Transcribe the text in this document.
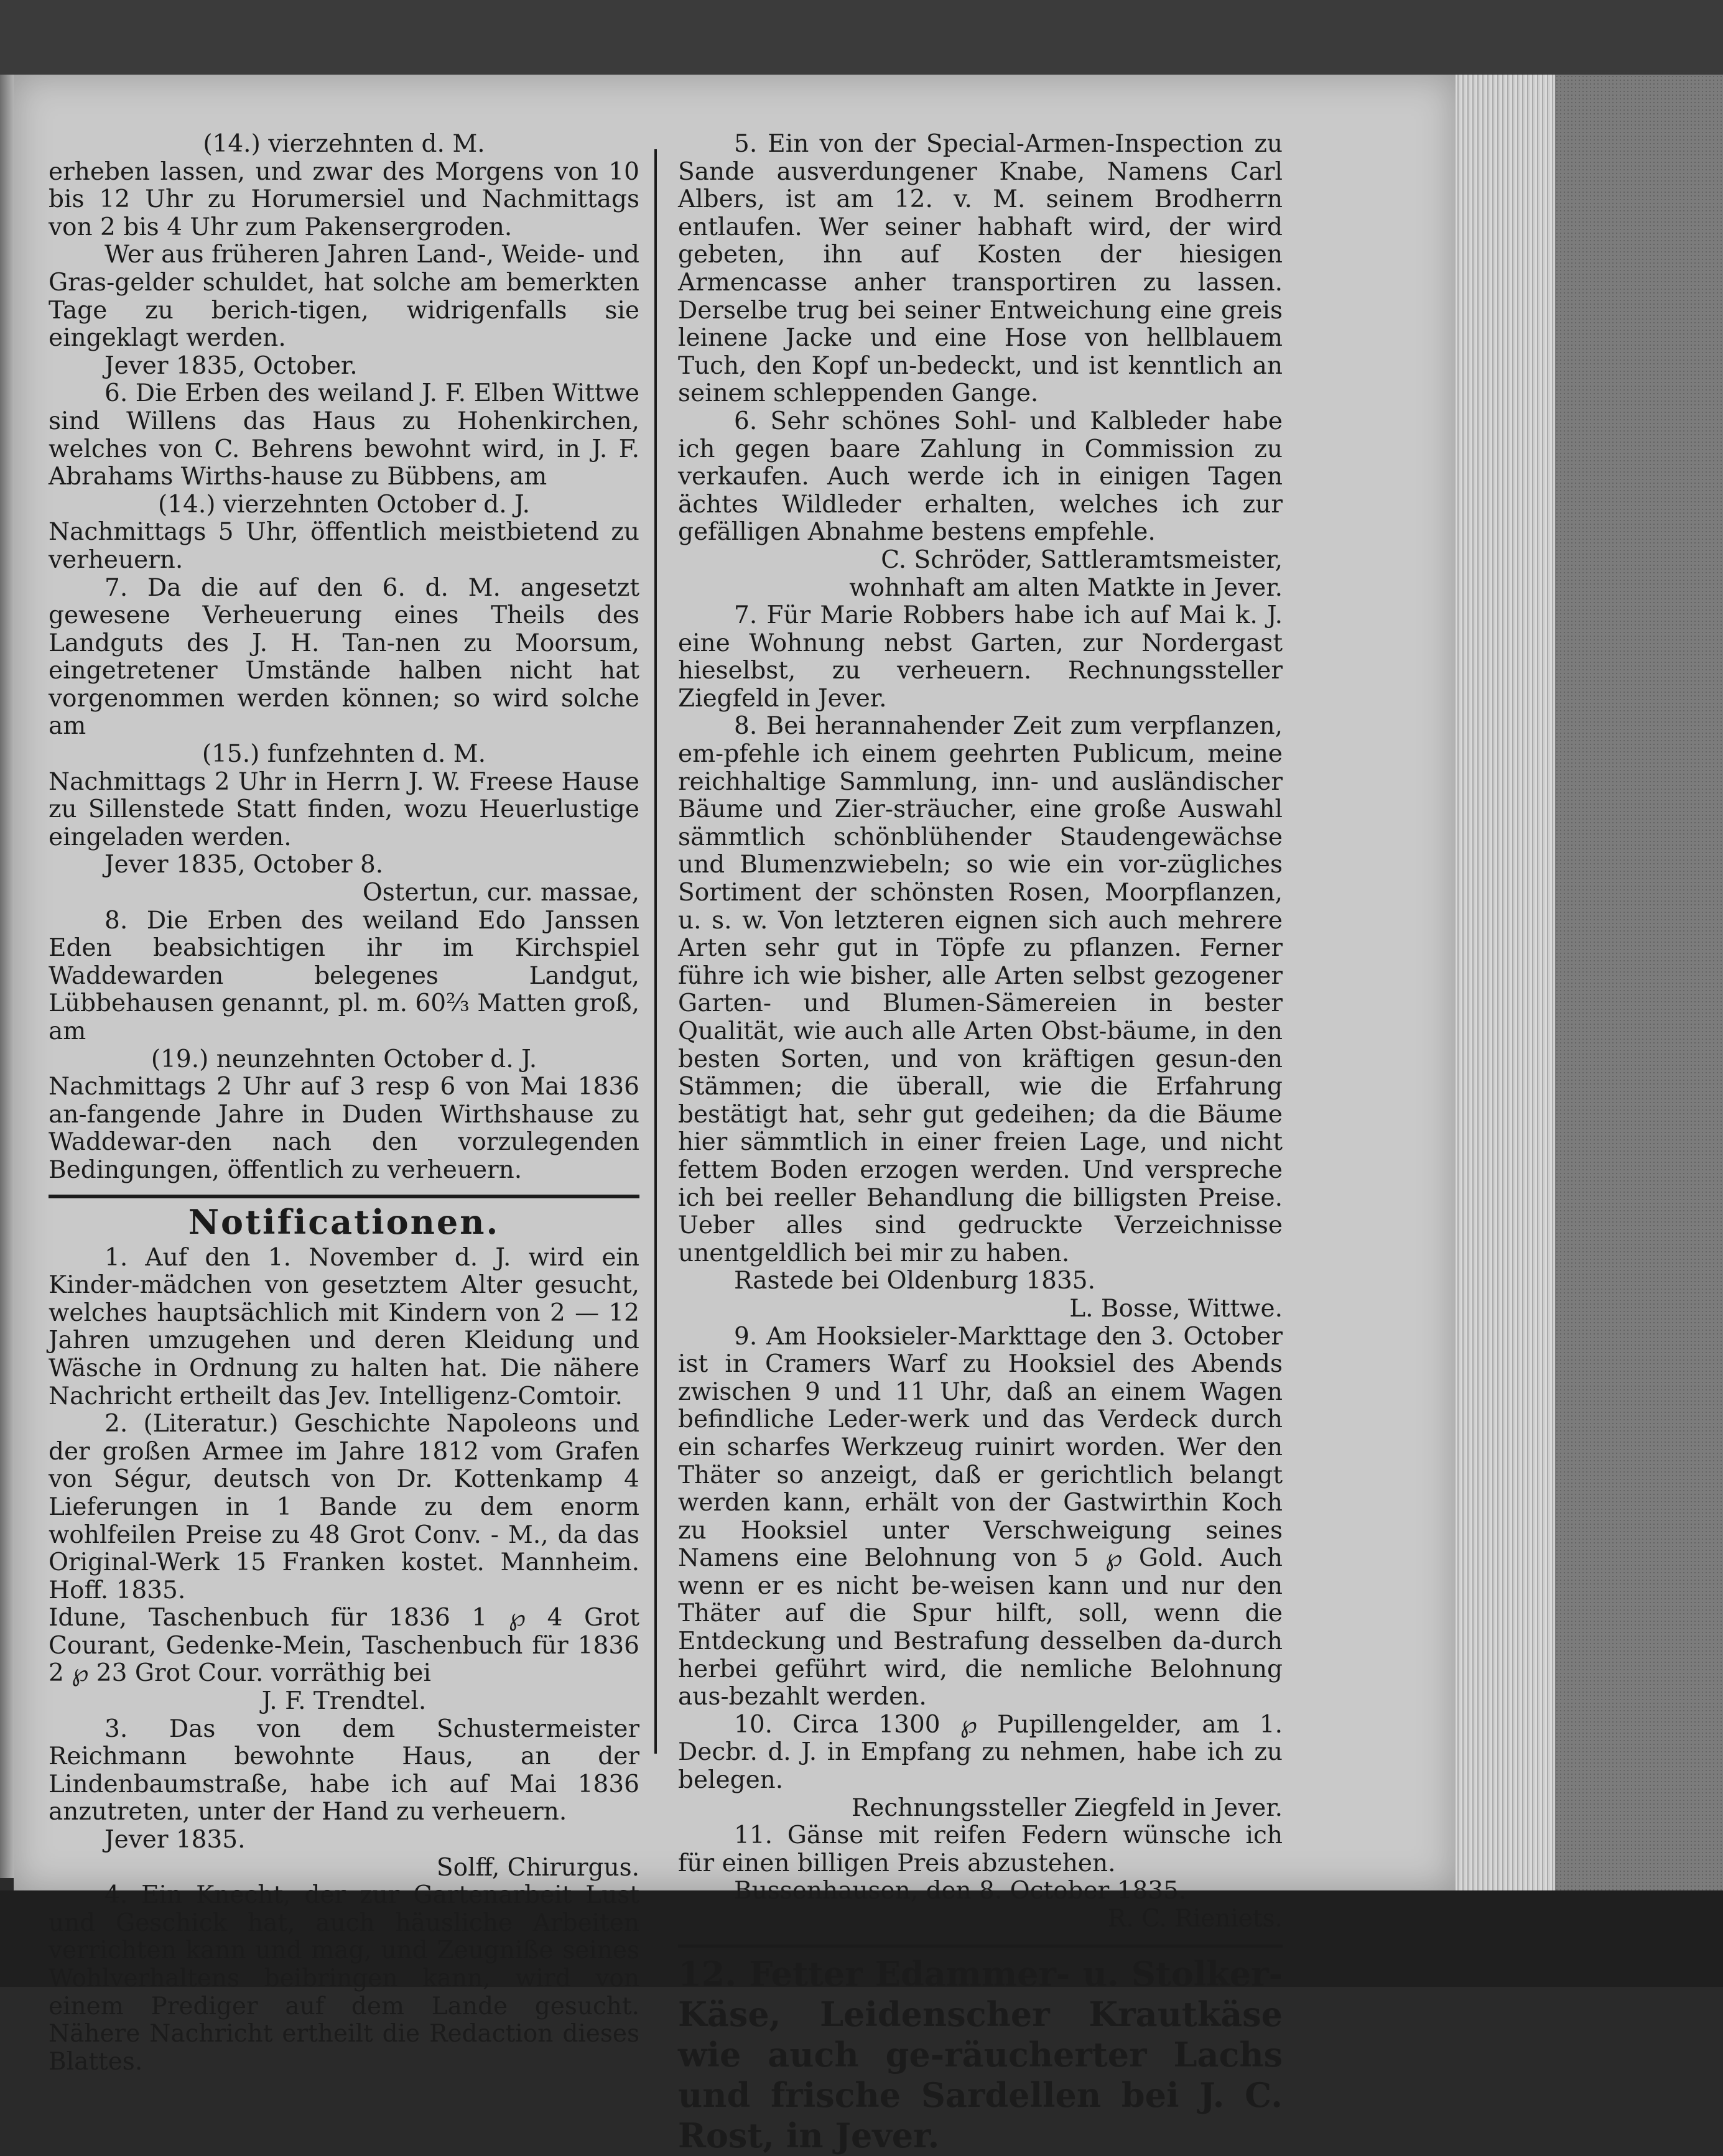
(14.) vierzehnten d. M.

erheben lassen, und zwar des Morgens von 10 bis 12 Uhr zu Horumersiel und Nachmittags von 2 bis 4 Uhr zum Pakensergroden.

Wer aus früheren Jahren Land-, Weide- und Gras-gelder schuldet, hat solche am bemerkten Tage zu berich-tigen, widrigenfalls sie eingeklagt werden.

Jever 1835, October.

6. Die Erben des weiland J. F. Elben Wittwe sind Willens das Haus zu Hohenkirchen, welches von C. Behrens bewohnt wird, in J. F. Abrahams Wirths-hause zu Bübbens, am

(14.) vierzehnten October d. J.

Nachmittags 5 Uhr, öffentlich meistbietend zu verheuern.

7. Da die auf den 6. d. M. angesetzt gewesene Verheuerung eines Theils des Landguts des J. H. Tan-nen zu Moorsum, eingetretener Umstände halben nicht hat vorgenommen werden können; so wird solche am

(15.) funfzehnten d. M.

Nachmittags 2 Uhr in Herrn J. W. Freese Hause zu Sillenstede Statt finden, wozu Heuerlustige eingeladen werden.

Jever 1835, October 8.

Ostertun, cur. massae,

8. Die Erben des weiland Edo Janssen Eden beabsichtigen ihr im Kirchspiel Waddewarden belegenes Landgut, Lübbehausen genannt, pl. m. 60⅔ Matten groß, am

(19.) neunzehnten October d. J.

Nachmittags 2 Uhr auf 3 resp 6 von Mai 1836 an-fangende Jahre in Duden Wirthshause zu Waddewar-den nach den vorzulegenden Bedingungen, öffentlich zu verheuern.

Notificationen.

1. Auf den 1. November d. J. wird ein Kinder-mädchen von gesetztem Alter gesucht, welches hauptsächlich mit Kindern von 2 — 12 Jahren umzugehen und deren Kleidung und Wäsche in Ordnung zu halten hat. Die nähere Nachricht ertheilt das Jev. Intelligenz-Comtoir.

2. (Literatur.) Geschichte Napoleons und der großen Armee im Jahre 1812 vom Grafen von Ségur, deutsch von Dr. Kottenkamp 4 Lieferungen in 1 Bande zu dem enorm wohlfeilen Preise zu 48 Grot Conv. - M., da das Original-Werk 15 Franken kostet. Mannheim. Hoff. 1835.

Idune, Taschenbuch für 1836 1 ℘ 4 Grot Courant, Gedenke-Mein, Taschenbuch für 1836 2 ℘ 23 Grot Cour. vorräthig bei

J. F. Trendtel.

3. Das von dem Schustermeister Reichmann bewohnte Haus, an der Lindenbaumstraße, habe ich auf Mai 1836 anzutreten, unter der Hand zu verheuern.

Jever 1835.

Solff, Chirurgus.

4. Ein Knecht, der zur Gartenarbeit Lust und Geschick hat, auch häusliche Arbeiten verrichten kann und mag, und Zeugniße seines Wohlverhaltens beibringen kann, wird von einem Prediger auf dem Lande gesucht. Nähere Nachricht ertheilt die Redaction dieses Blattes.

5. Ein von der Special-Armen-Inspection zu Sande ausverdungener Knabe, Namens Carl Albers, ist am 12. v. M. seinem Brodherrn entlaufen. Wer seiner habhaft wird, der wird gebeten, ihn auf Kosten der hiesigen Armencasse anher transportiren zu lassen. Derselbe trug bei seiner Entweichung eine greis leinene Jacke und eine Hose von hellblauem Tuch, den Kopf un-bedeckt, und ist kenntlich an seinem schleppenden Gange.

6. Sehr schönes Sohl- und Kalbleder habe ich gegen baare Zahlung in Commission zu verkaufen. Auch werde ich in einigen Tagen ächtes Wildleder erhalten, welches ich zur gefälligen Abnahme bestens empfehle.

C. Schröder, Sattleramtsmeister,

wohnhaft am alten Matkte in Jever.

7. Für Marie Robbers habe ich auf Mai k. J. eine Wohnung nebst Garten, zur Nordergast hieselbst, zu verheuern. Rechnungssteller Ziegfeld in Jever.

8. Bei herannahender Zeit zum verpflanzen, em-pfehle ich einem geehrten Publicum, meine reichhaltige Sammlung, inn- und ausländischer Bäume und Zier-sträucher, eine große Auswahl sämmtlich schönblühender Staudengewächse und Blumenzwiebeln; so wie ein vor-zügliches Sortiment der schönsten Rosen, Moorpflanzen, u. s. w. Von letzteren eignen sich auch mehrere Arten sehr gut in Töpfe zu pflanzen. Ferner führe ich wie bisher, alle Arten selbst gezogener Garten- und Blumen-Sämereien in bester Qualität, wie auch alle Arten Obst-bäume, in den besten Sorten, und von kräftigen gesun-den Stämmen; die überall, wie die Erfahrung bestätigt hat, sehr gut gedeihen; da die Bäume hier sämmtlich in einer freien Lage, und nicht fettem Boden erzogen werden. Und verspreche ich bei reeller Behandlung die billigsten Preise. Ueber alles sind gedruckte Verzeichnisse unentgeldlich bei mir zu haben.

Rastede bei Oldenburg 1835.

L. Bosse, Wittwe.

9. Am Hooksieler-Markttage den 3. October ist in Cramers Warf zu Hooksiel des Abends zwischen 9 und 11 Uhr, daß an einem Wagen befindliche Leder-werk und das Verdeck durch ein scharfes Werkzeug ruinirt worden. Wer den Thäter so anzeigt, daß er gerichtlich belangt werden kann, erhält von der Gastwirthin Koch zu Hooksiel unter Verschweigung seines Namens eine Belohnung von 5 ℘ Gold. Auch wenn er es nicht be-weisen kann und nur den Thäter auf die Spur hilft, soll, wenn die Entdeckung und Bestrafung desselben da-durch herbei geführt wird, die nemliche Belohnung aus-bezahlt werden.

10. Circa 1300 ℘ Pupillengelder, am 1. Decbr. d. J. in Empfang zu nehmen, habe ich zu belegen.

Rechnungssteller Ziegfeld in Jever.

11. Gänse mit reifen Federn wünsche ich für einen billigen Preis abzustehen.

Bussenhausen, den 8. October 1835.

R. C. Rieniets.

12. Fetter Edammer- u. Stolker-Käse, Leidenscher Krautkäse wie auch ge-räucherter Lachs und frische Sardellen bei J. C. Rost, in Jever.
